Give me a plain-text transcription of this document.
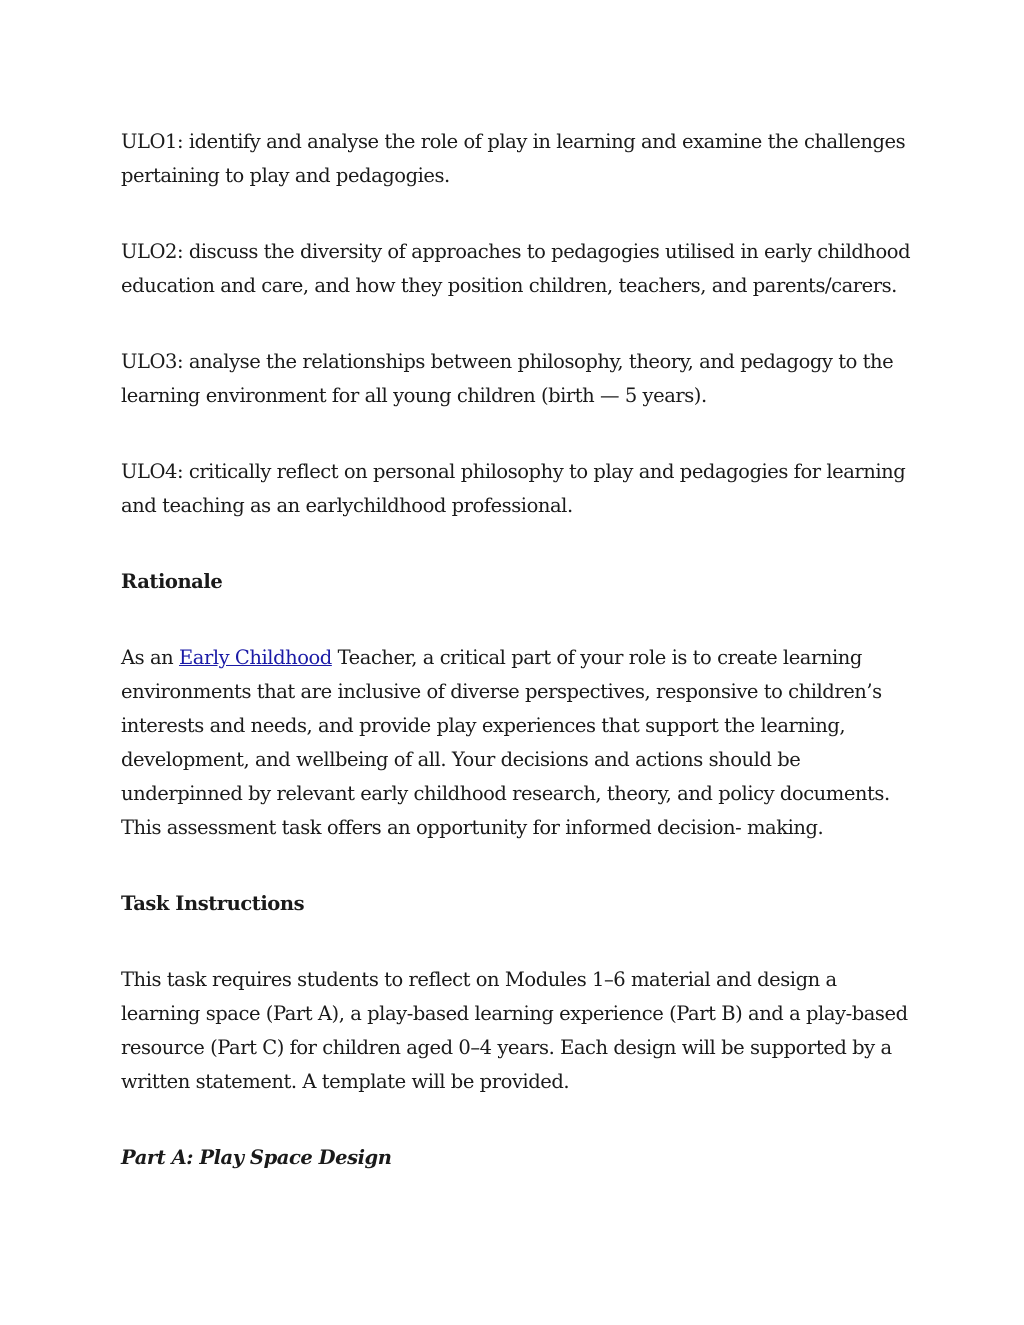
ULO1: identify and analyse the role of play in learning and examine the challenges pertaining to play and pedagogies.

ULO2: discuss the diversity of approaches to pedagogies utilised in early childhood education and care, and how they position children, teachers, and parents/carers.

ULO3: analyse the relationships between philosophy, theory, and pedagogy to the learning environment for all young children (birth — 5 years).

ULO4: critically reflect on personal philosophy to play and pedagogies for learning and teaching as an earlychildhood professional.

Rationale

As an Early Childhood Teacher, a critical part of your role is to create learning environments that are inclusive of diverse perspectives, responsive to children’s interests and needs, and provide play experiences that support the learning, development, and wellbeing of all. Your decisions and actions should be underpinned by relevant early childhood research, theory, and policy documents. This assessment task offers an opportunity for informed decision- making.

Task Instructions

This task requires students to reflect on Modules 1–6 material and design a learning space (Part A), a play-based learning experience (Part B) and a play-based resource (Part C) for children aged 0–4 years. Each design will be supported by a written statement. A template will be provided.

Part A: Play Space Design
